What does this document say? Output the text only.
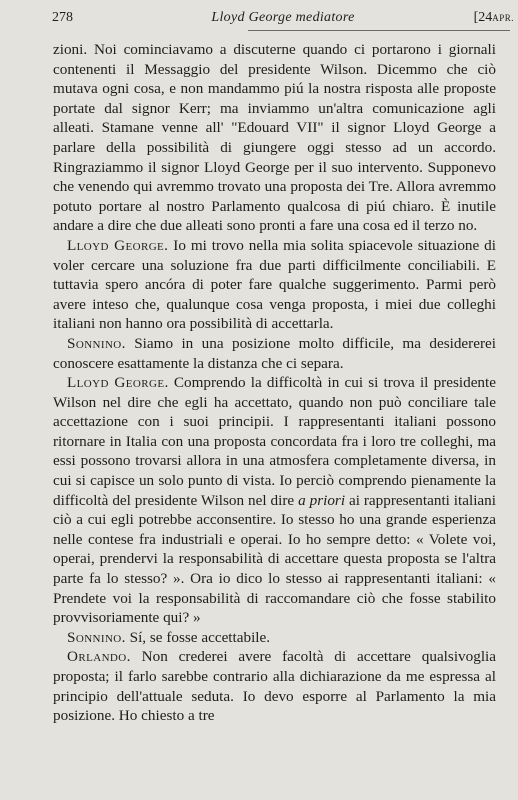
278	Lloyd George mediatore	[24APR.

zioni. Noi cominciavamo a discuterne quando ci portarono i giornali contenenti il Messaggio del presidente Wilson. Dicemmo che ciò mutava ogni cosa, e non mandammo piú la nostra risposta alle proposte portate dal signor Kerr; ma inviammo un'altra comunicazione agli alleati. Stamane venne all' "Edouard VII" il signor Lloyd George a parlare della possibilità di giungere oggi stesso ad un accordo. Ringraziammo il signor Lloyd George per il suo intervento. Supponevo che venendo qui avremmo trovato una proposta dei Tre. Allora avremmo potuto portare al nostro Parlamento qualcosa di piú chiaro. È inutile andare a dire che due alleati sono pronti a fare una cosa ed il terzo no.

Lloyd George. Io mi trovo nella mia solita spiacevole situazione di voler cercare una soluzione fra due parti difficilmente conciliabili. E tuttavia spero ancóra di poter fare qualche suggerimento. Parmi però avere inteso che, qualunque cosa venga proposta, i miei due colleghi italiani non hanno ora possibilità di accettarla.

Sonnino. Siamo in una posizione molto difficile, ma desidererei conoscere esattamente la distanza che ci separa.

Lloyd George. Comprendo la difficoltà in cui si trova il presidente Wilson nel dire che egli ha accettato, quando non può conciliare tale accettazione con i suoi principii. I rappresentanti italiani possono ritornare in Italia con una proposta concordata fra i loro tre colleghi, ma essi possono trovarsi allora in una atmosfera completamente diversa, in cui si capisce un solo punto di vista. Io perciò comprendo pienamente la difficoltà del presidente Wilson nel dire a priori ai rappresentanti italiani ciò a cui egli potrebbe acconsentire. Io stesso ho una grande esperienza nelle contese fra industriali e operai. Io ho sempre detto: « Volete voi, operai, prendervi la responsabilità di accettare questa proposta se l'altra parte fa lo stesso? ». Ora io dico lo stesso ai rappresentanti italiani: « Prendete voi la responsabilità di raccomandare ciò che fosse stabilito provvisoriamente qui? »

Sonnino. Sí, se fosse accettabile.

Orlando. Non crederei avere facoltà di accettare qualsivoglia proposta; il farlo sarebbe contrario alla dichiarazione da me espressa al principio dell'attuale seduta. Io devo esporre al Parlamento la mia posizione. Ho chiesto a tre
